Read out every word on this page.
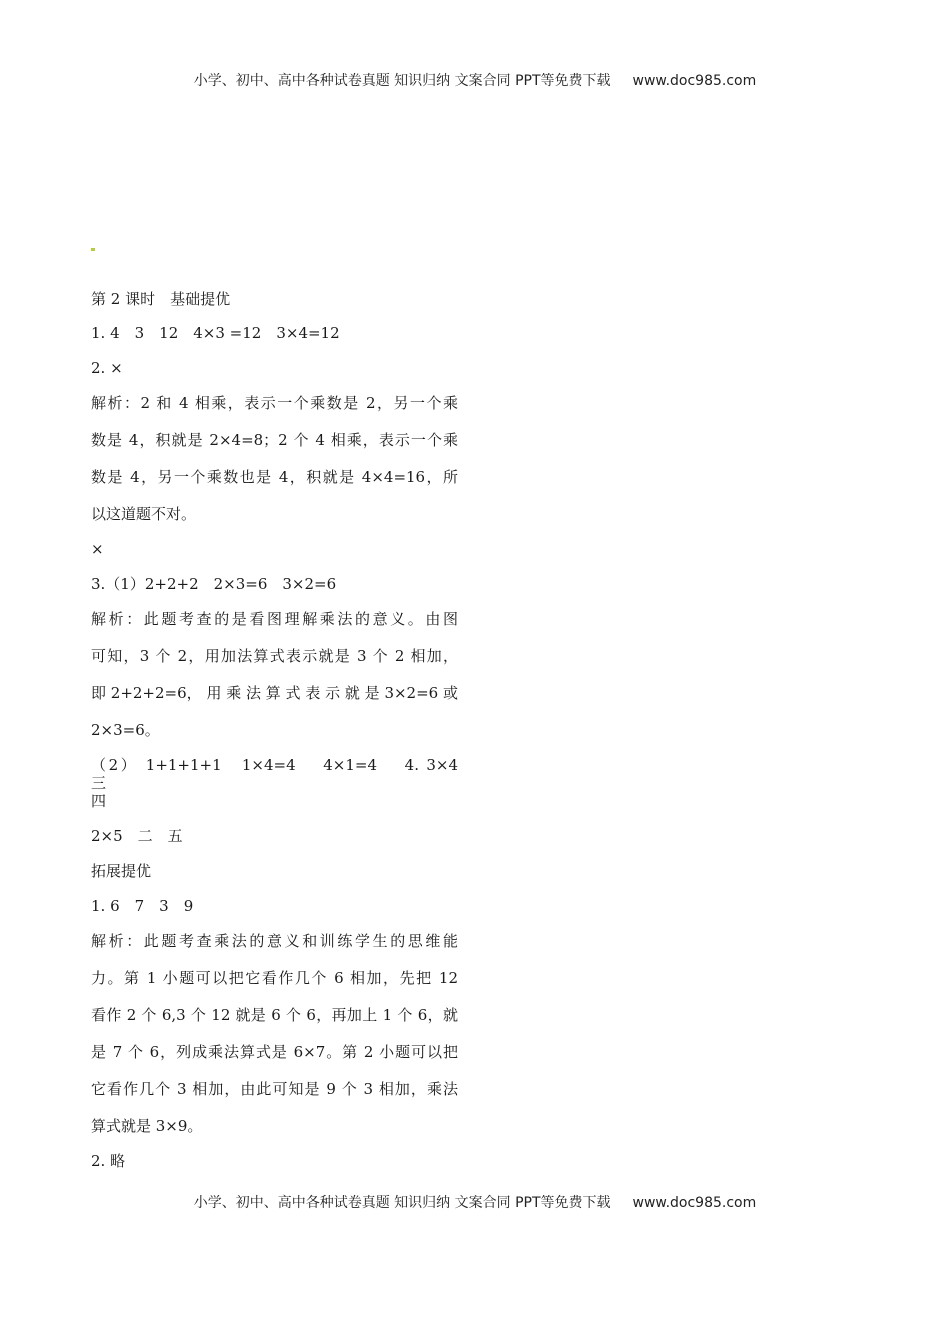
小学、初中、高中各种试卷真题 知识归纳 文案合同 PPT等免费下载 www.doc985.com
第 2 课时　基础提优
1. 4　3　12　4×3 =12　3×4=12
2. ×
解析：2 和 4 相乘，表示一个乘数是 2，另一个乘
数是 4，积就是 2×4=8；2 个 4 相乘，表示一个乘
数是 4，另一个乘数也是 4，积就是 4×4=16，所
以这道题不对。
×
3.（1）2+2+2　2×3=6　3×2=6
解析：此题考查的是看图理解乘法的意义。由图
可知，3 个 2，用加法算式表示就是 3 个 2 相加，
即 2+2+2=6， 用 乘 法 算 式 表 示 就 是 3×2=6 或
2×3=6。
（2） 1+1+1+1　1×4=4　 4×1=4　 4. 3×4　　三
四
2×5　二　五
拓展提优
1. 6　7　3　9
解析：此题考查乘法的意义和训练学生的思维能
力。第 1 小题可以把它看作几个 6 相加，先把 12
看作 2 个 6,3 个 12 就是 6 个 6，再加上 1 个 6，就
是 7 个 6，列成乘法算式是 6×7。第 2 小题可以把
它看作几个 3 相加，由此可知是 9 个 3 相加，乘法
算式就是 3×9。
2. 略
小学、初中、高中各种试卷真题 知识归纳 文案合同 PPT等免费下载 www.doc985.com
